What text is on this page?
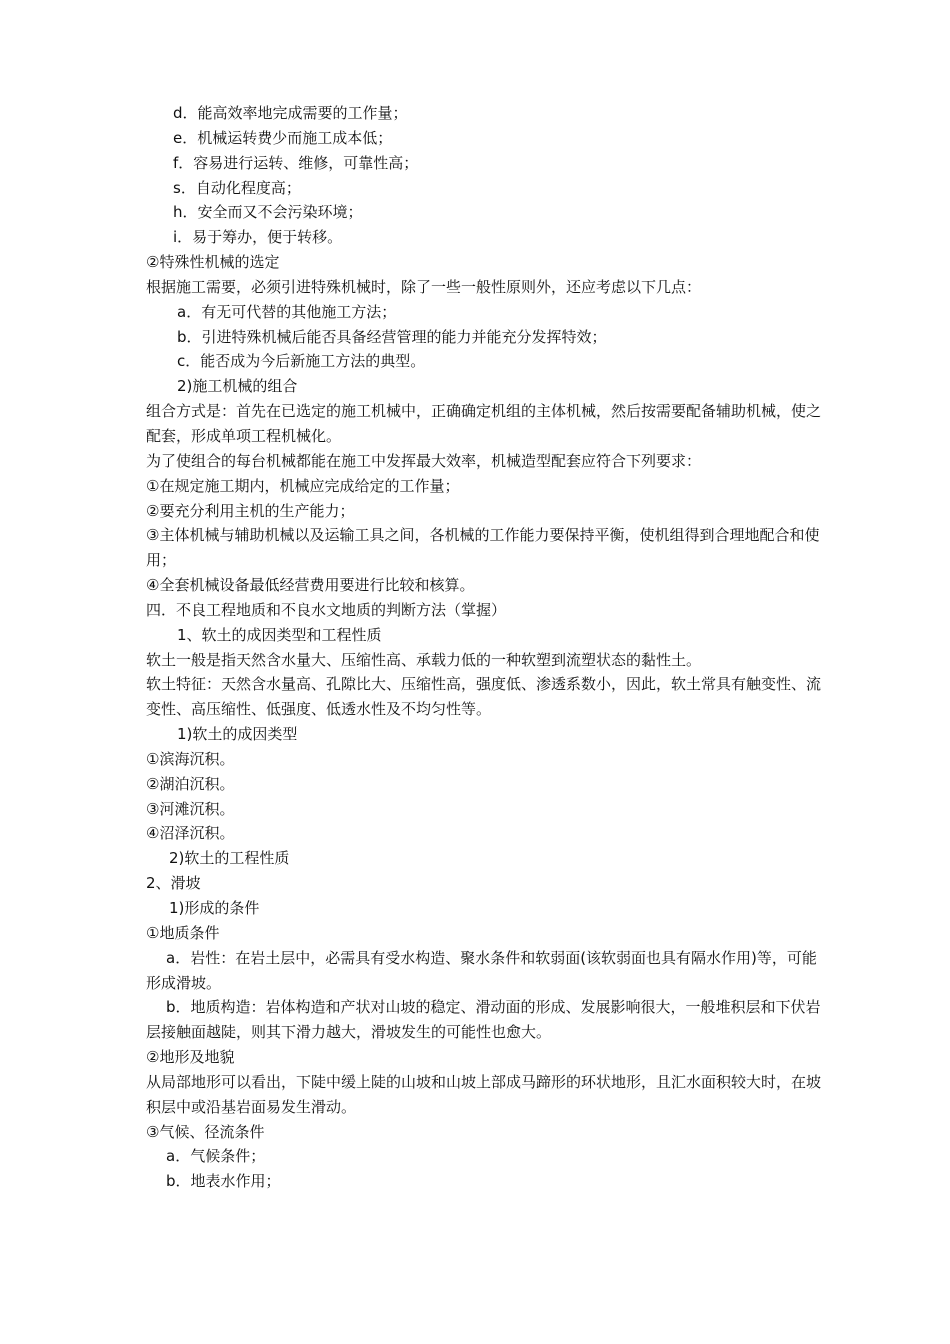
d．能高效率地完成需要的工作量；

e．机械运转费少而施工成本低；

f．容易进行运转、维修，可靠性高；

s．自动化程度高；

h．安全而又不会污染环境；

i．易于筹办，便于转移。

②特殊性机械的选定

根据施工需要，必须引进特殊机械时，除了一些一般性原则外，还应考虑以下几点：

a．有无可代替的其他施工方法；

b．引进特殊机械后能否具备经营管理的能力并能充分发挥特效；

c．能否成为今后新施工方法的典型。

2)施工机械的组合

组合方式是：首先在已选定的施工机械中，正确确定机组的主体机械，然后按需要配备辅助机械，使之配套，形成单项工程机械化。

为了使组合的每台机械都能在施工中发挥最大效率，机械造型配套应符合下列要求：

①在规定施工期内，机械应完成给定的工作量；

②要充分利用主机的生产能力；

③主体机械与辅助机械以及运输工具之间，各机械的工作能力要保持平衡，使机组得到合理地配合和使用；

④全套机械设备最低经营费用要进行比较和核算。

四．不良工程地质和不良水文地质的判断方法（掌握）

1、软土的成因类型和工程性质

软土一般是指天然含水量大、压缩性高、承载力低的一种软塑到流塑状态的黏性土。

软土特征：天然含水量高、孔隙比大、压缩性高，强度低、渗透系数小，因此，软土常具有触变性、流变性、高压缩性、低强度、低透水性及不均匀性等。

1)软土的成因类型

①滨海沉积。

②湖泊沉积。

③河滩沉积。

④沼泽沉积。

2)软土的工程性质

2、滑坡

1)形成的条件

①地质条件

a．岩性：在岩土层中，必需具有受水构造、聚水条件和软弱面(该软弱面也具有隔水作用)等，可能形成滑坡。

b．地质构造：岩体构造和产状对山坡的稳定、滑动面的形成、发展影响很大，一般堆积层和下伏岩层接触面越陡，则其下滑力越大，滑坡发生的可能性也愈大。

②地形及地貌

从局部地形可以看出，下陡中缓上陡的山坡和山坡上部成马蹄形的环状地形，且汇水面积较大时，在坡积层中或沿基岩面易发生滑动。

③气候、径流条件

a．气候条件；

b．地表水作用；
